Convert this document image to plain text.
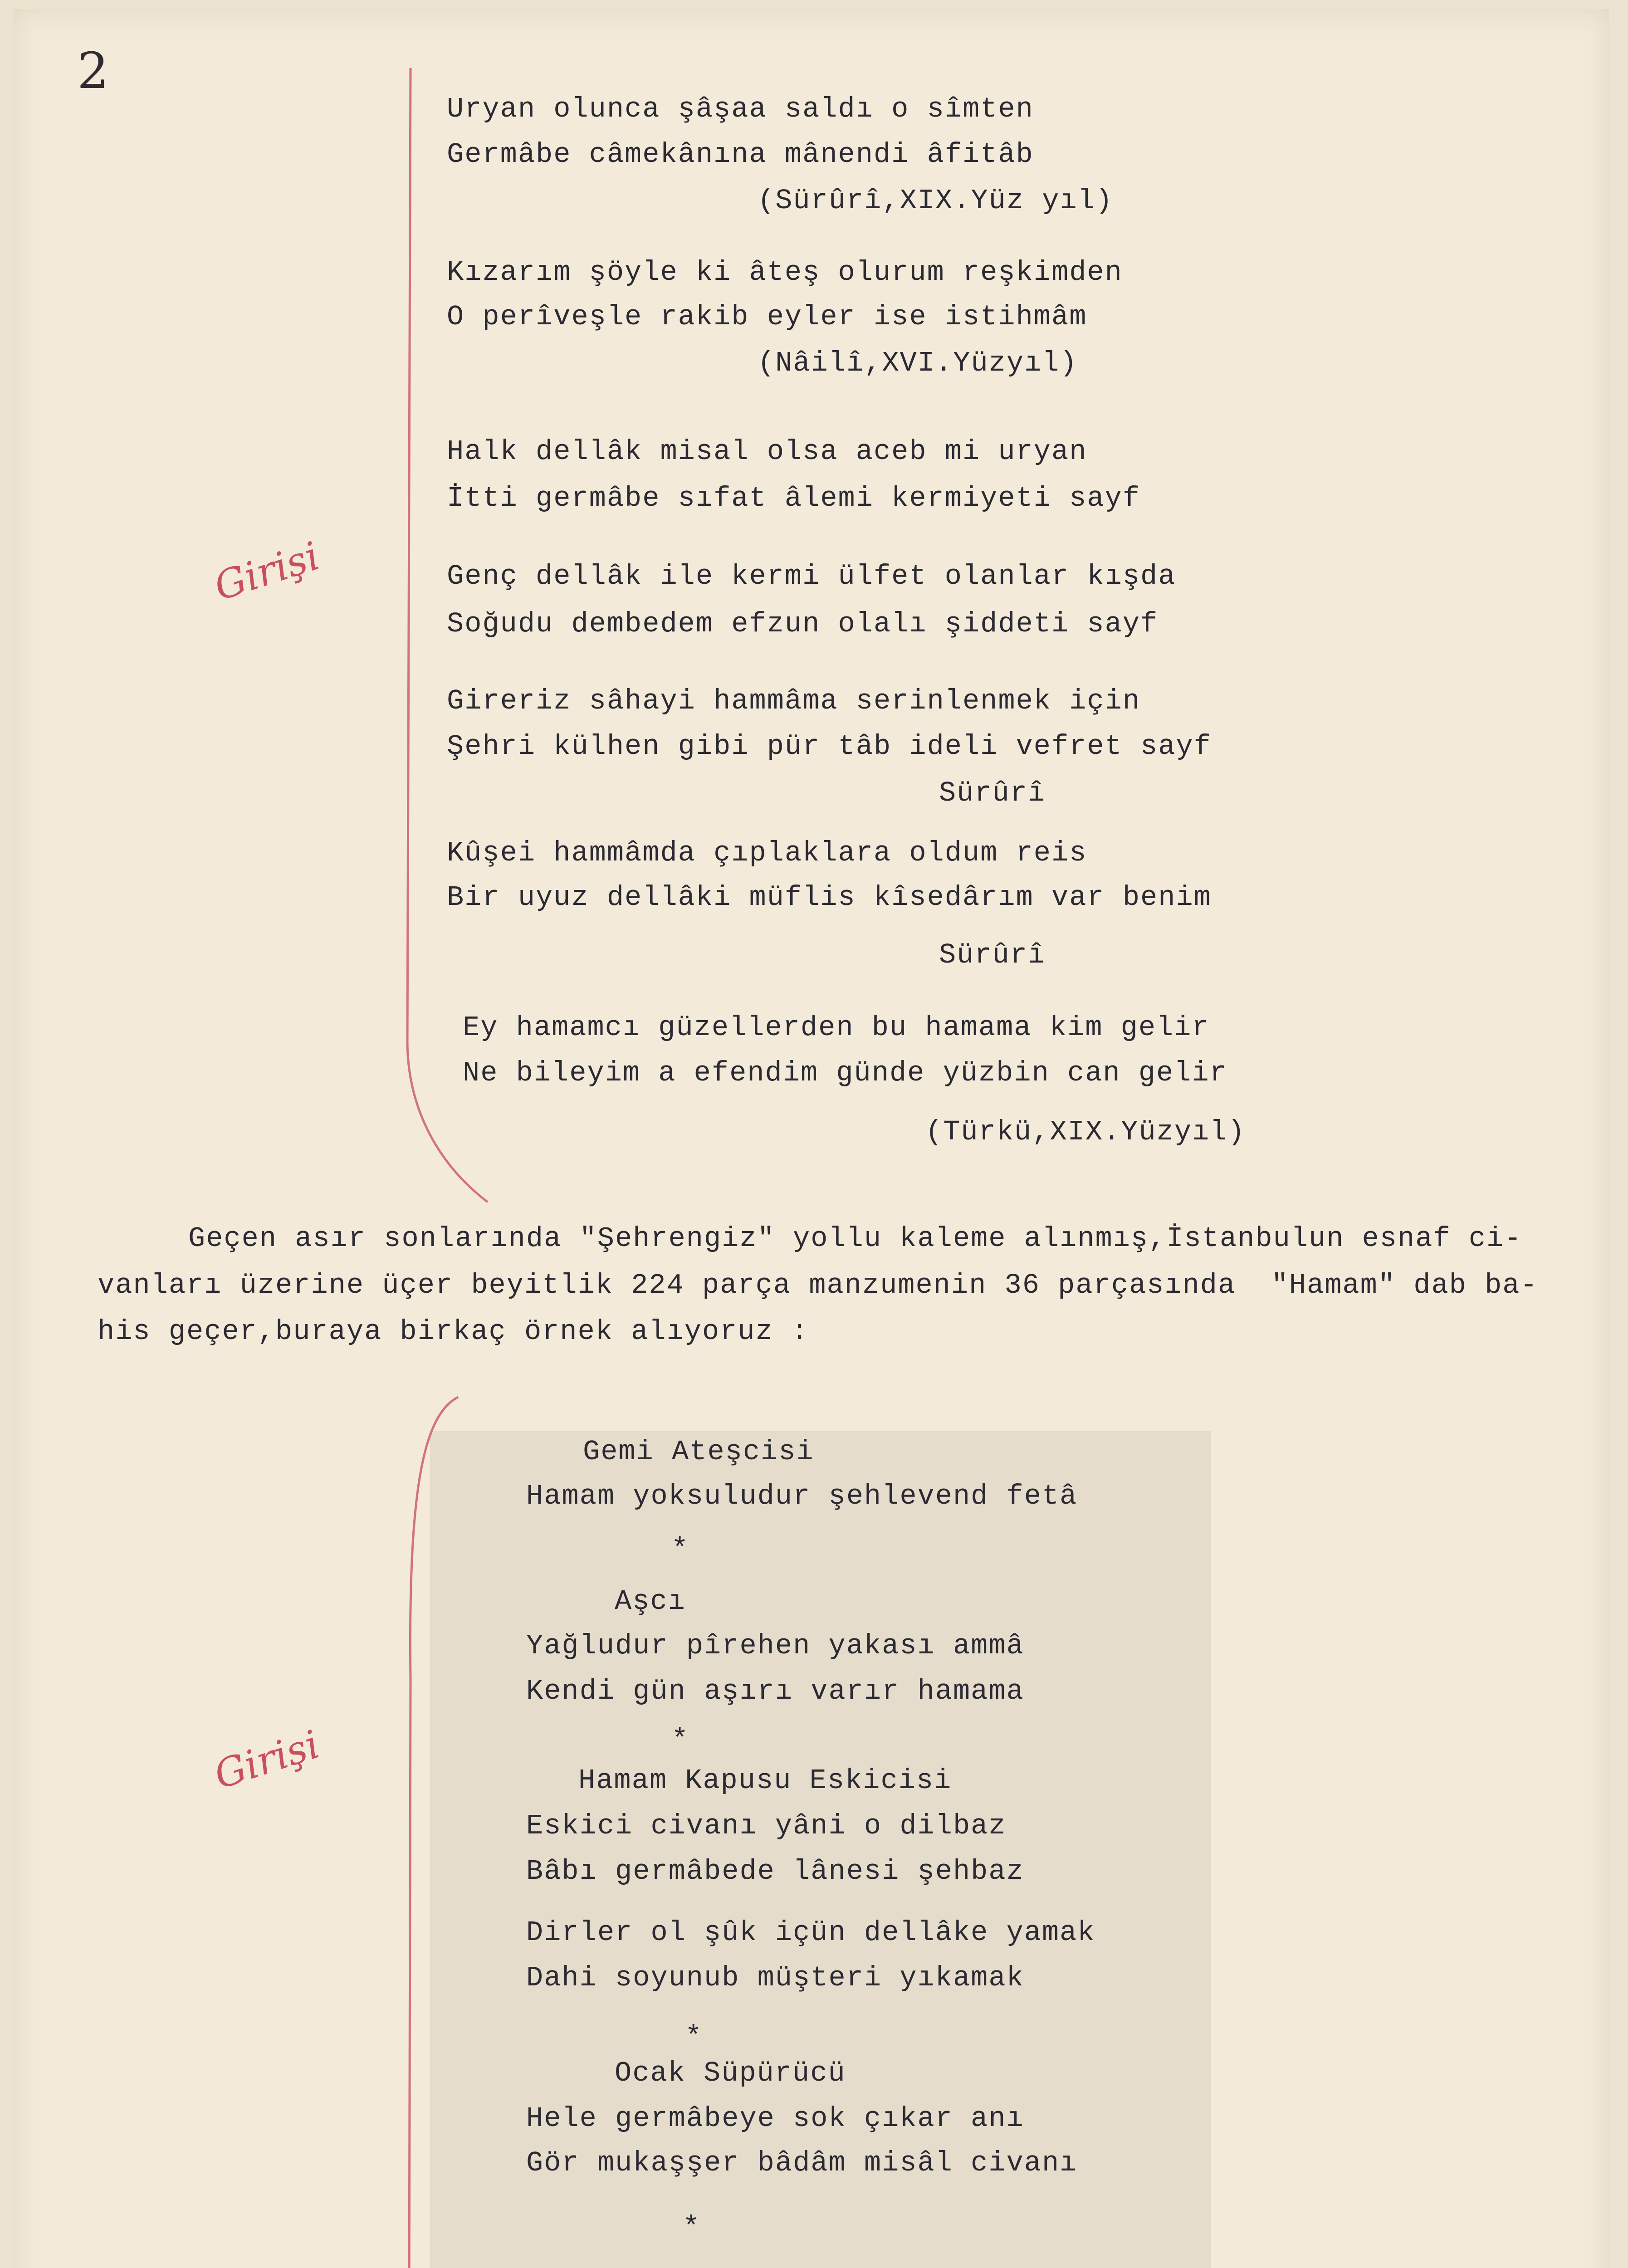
2
Girişi
Girişi
Uryan olunca şâşaa saldı o sîmten
Germâbe câmekânına mânendi âfitâb
(Sürûrî,XIX.Yüz yıl)
Kızarım şöyle ki âteş olurum reşkimden
O perîveşle rakib eyler ise istihmâm
(Nâilî,XVI.Yüzyıl)
Halk dellâk misal olsa aceb mi uryan
İtti germâbe sıfat âlemi kermiyeti sayf
Genç dellâk ile kermi ülfet olanlar kışda
Soğudu dembedem efzun olalı şiddeti sayf
Gireriz sâhayi hammâma serinlenmek için
Şehri külhen gibi pür tâb ideli vefret sayf
Sürûrî
Kûşei hammâmda çıplaklara oldum reis
Bir uyuz dellâki müflis kîsedârım var benim
Sürûrî
Ey hamamcı güzellerden bu hamama kim gelir
Ne bileyim a efendim günde yüzbin can gelir
(Türkü,XIX.Yüzyıl)
Geçen asır sonlarında "Şehrengiz" yollu kaleme alınmış,İstanbulun esnaf ci-
vanları üzerine üçer beyitlik 224 parça manzumenin 36 parçasında  "Hamam" dab ba-
his geçer,buraya birkaç örnek alıyoruz :
Gemi Ateşcisi
Hamam yoksuludur şehlevend fetâ
*
Aşcı
Yağludur pîrehen yakası ammâ
Kendi gün aşırı varır hamama
*
Hamam Kapusu Eskicisi
Eskici civanı yâni o dilbaz
Bâbı germâbede lânesi şehbaz
Dirler ol şûk içün dellâke yamak
Dahi soyunub müşteri yıkamak
*
Ocak Süpürücü
Hele germâbeye sok çıkar anı
Gör mukaşşer bâdâm misâl civanı
*
